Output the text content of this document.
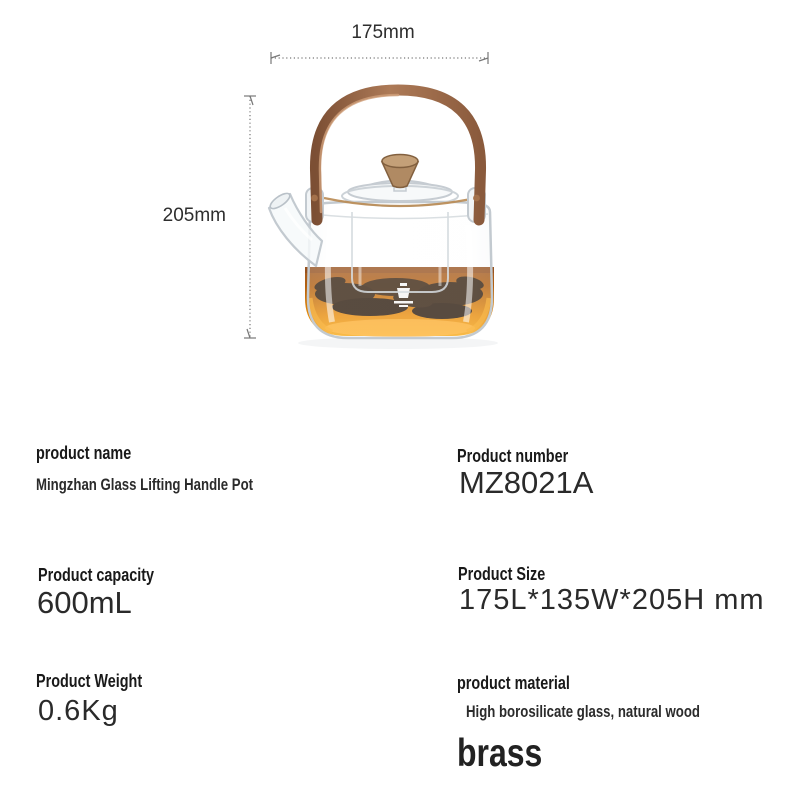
175mm
205mm
product name
Mingzhan Glass Lifting Handle Pot
Product number
MZ8021A
Product capacity
600mL
Product Size
175L*135W*205H mm
Product Weight
0.6Kg
product material
High borosilicate glass, natural wood
brass
